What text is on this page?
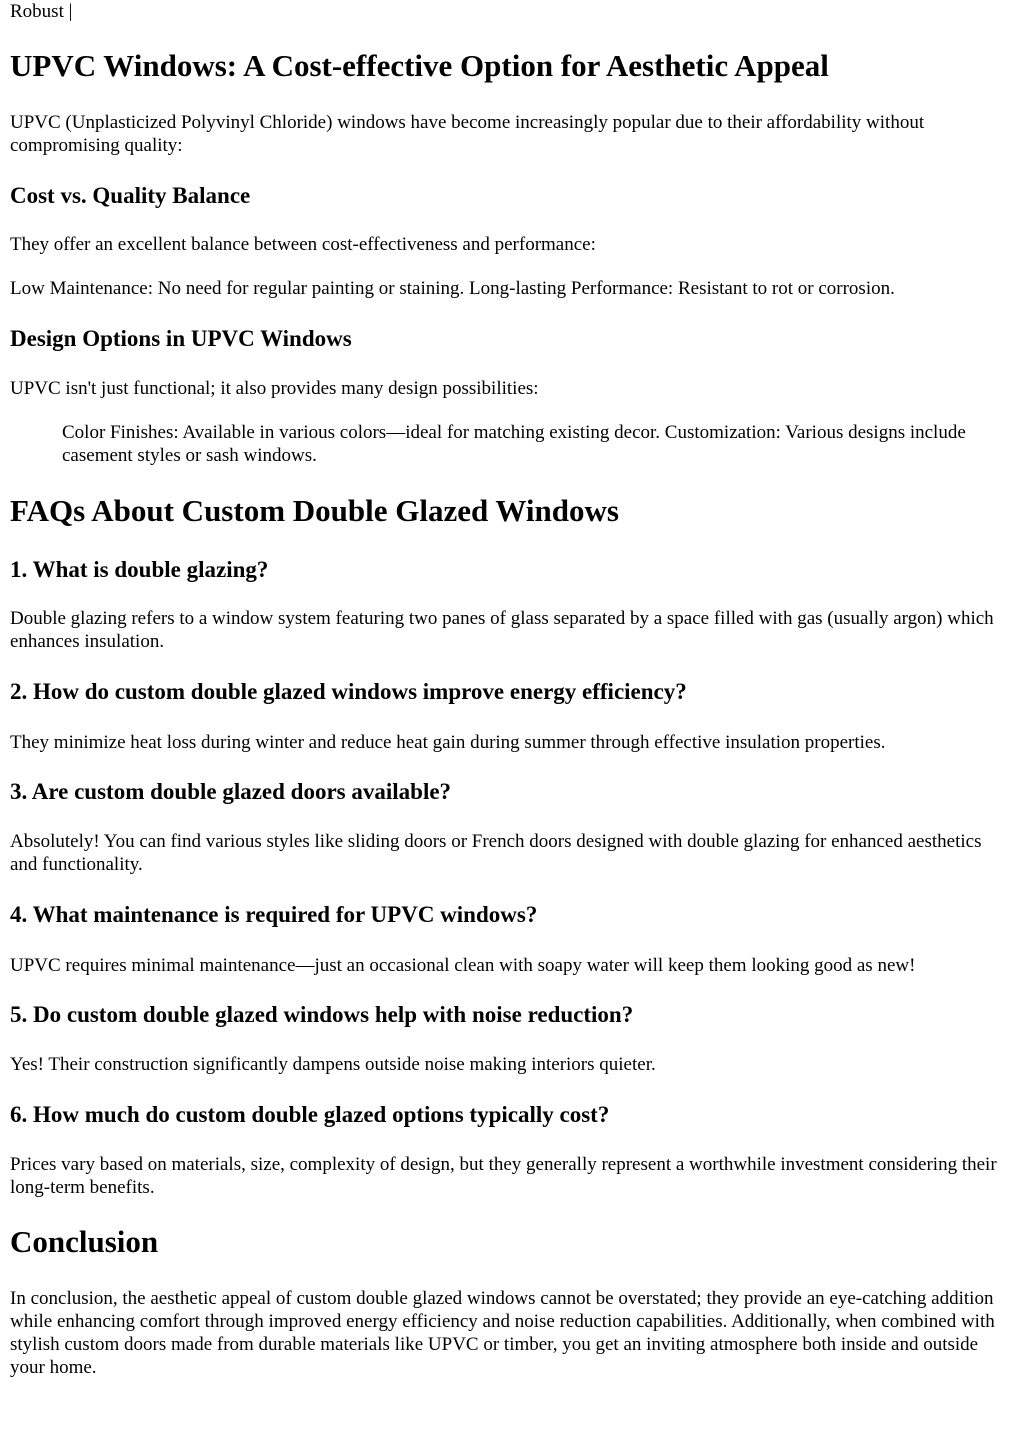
Robust |
UPVC Windows: A Cost-effective Option for Aesthetic Appeal

UPVC (Unplasticized Polyvinyl Chloride) windows have become increasingly popular due to their affordability without compromising quality:

Cost vs. Quality Balance

They offer an excellent balance between cost-effectiveness and performance:

Low Maintenance: No need for regular painting or staining. Long-lasting Performance: Resistant to rot or corrosion.

Design Options in UPVC Windows

UPVC isn't just functional; it also provides many design possibilities:

Color Finishes: Available in various colors—ideal for matching existing decor. Customization: Various designs include casement styles or sash windows.

FAQs About Custom Double Glazed Windows
1. What is double glazing?

Double glazing refers to a window system featuring two panes of glass separated by a space filled with gas (usually argon) which enhances insulation.

2. How do custom double glazed windows improve energy efficiency?

They minimize heat loss during winter and reduce heat gain during summer through effective insulation properties.

3. Are custom double glazed doors available?

Absolutely! You can find various styles like sliding doors or French doors designed with double glazing for enhanced aesthetics and functionality.

4. What maintenance is required for UPVC windows?

UPVC requires minimal maintenance—just an occasional clean with soapy water will keep them looking good as new!

5. Do custom double glazed windows help with noise reduction?

Yes! Their construction significantly dampens outside noise making interiors quieter.

6. How much do custom double glazed options typically cost?

Prices vary based on materials, size, complexity of design, but they generally represent a worthwhile investment considering their long-term benefits.

Conclusion

In conclusion, the aesthetic appeal of custom double glazed windows cannot be overstated; they provide an eye-catching addition while enhancing comfort through improved energy efficiency and noise reduction capabilities. Additionally, when combined with stylish custom doors made from durable materials like UPVC or timber, you get an inviting atmosphere both inside and outside your home.
